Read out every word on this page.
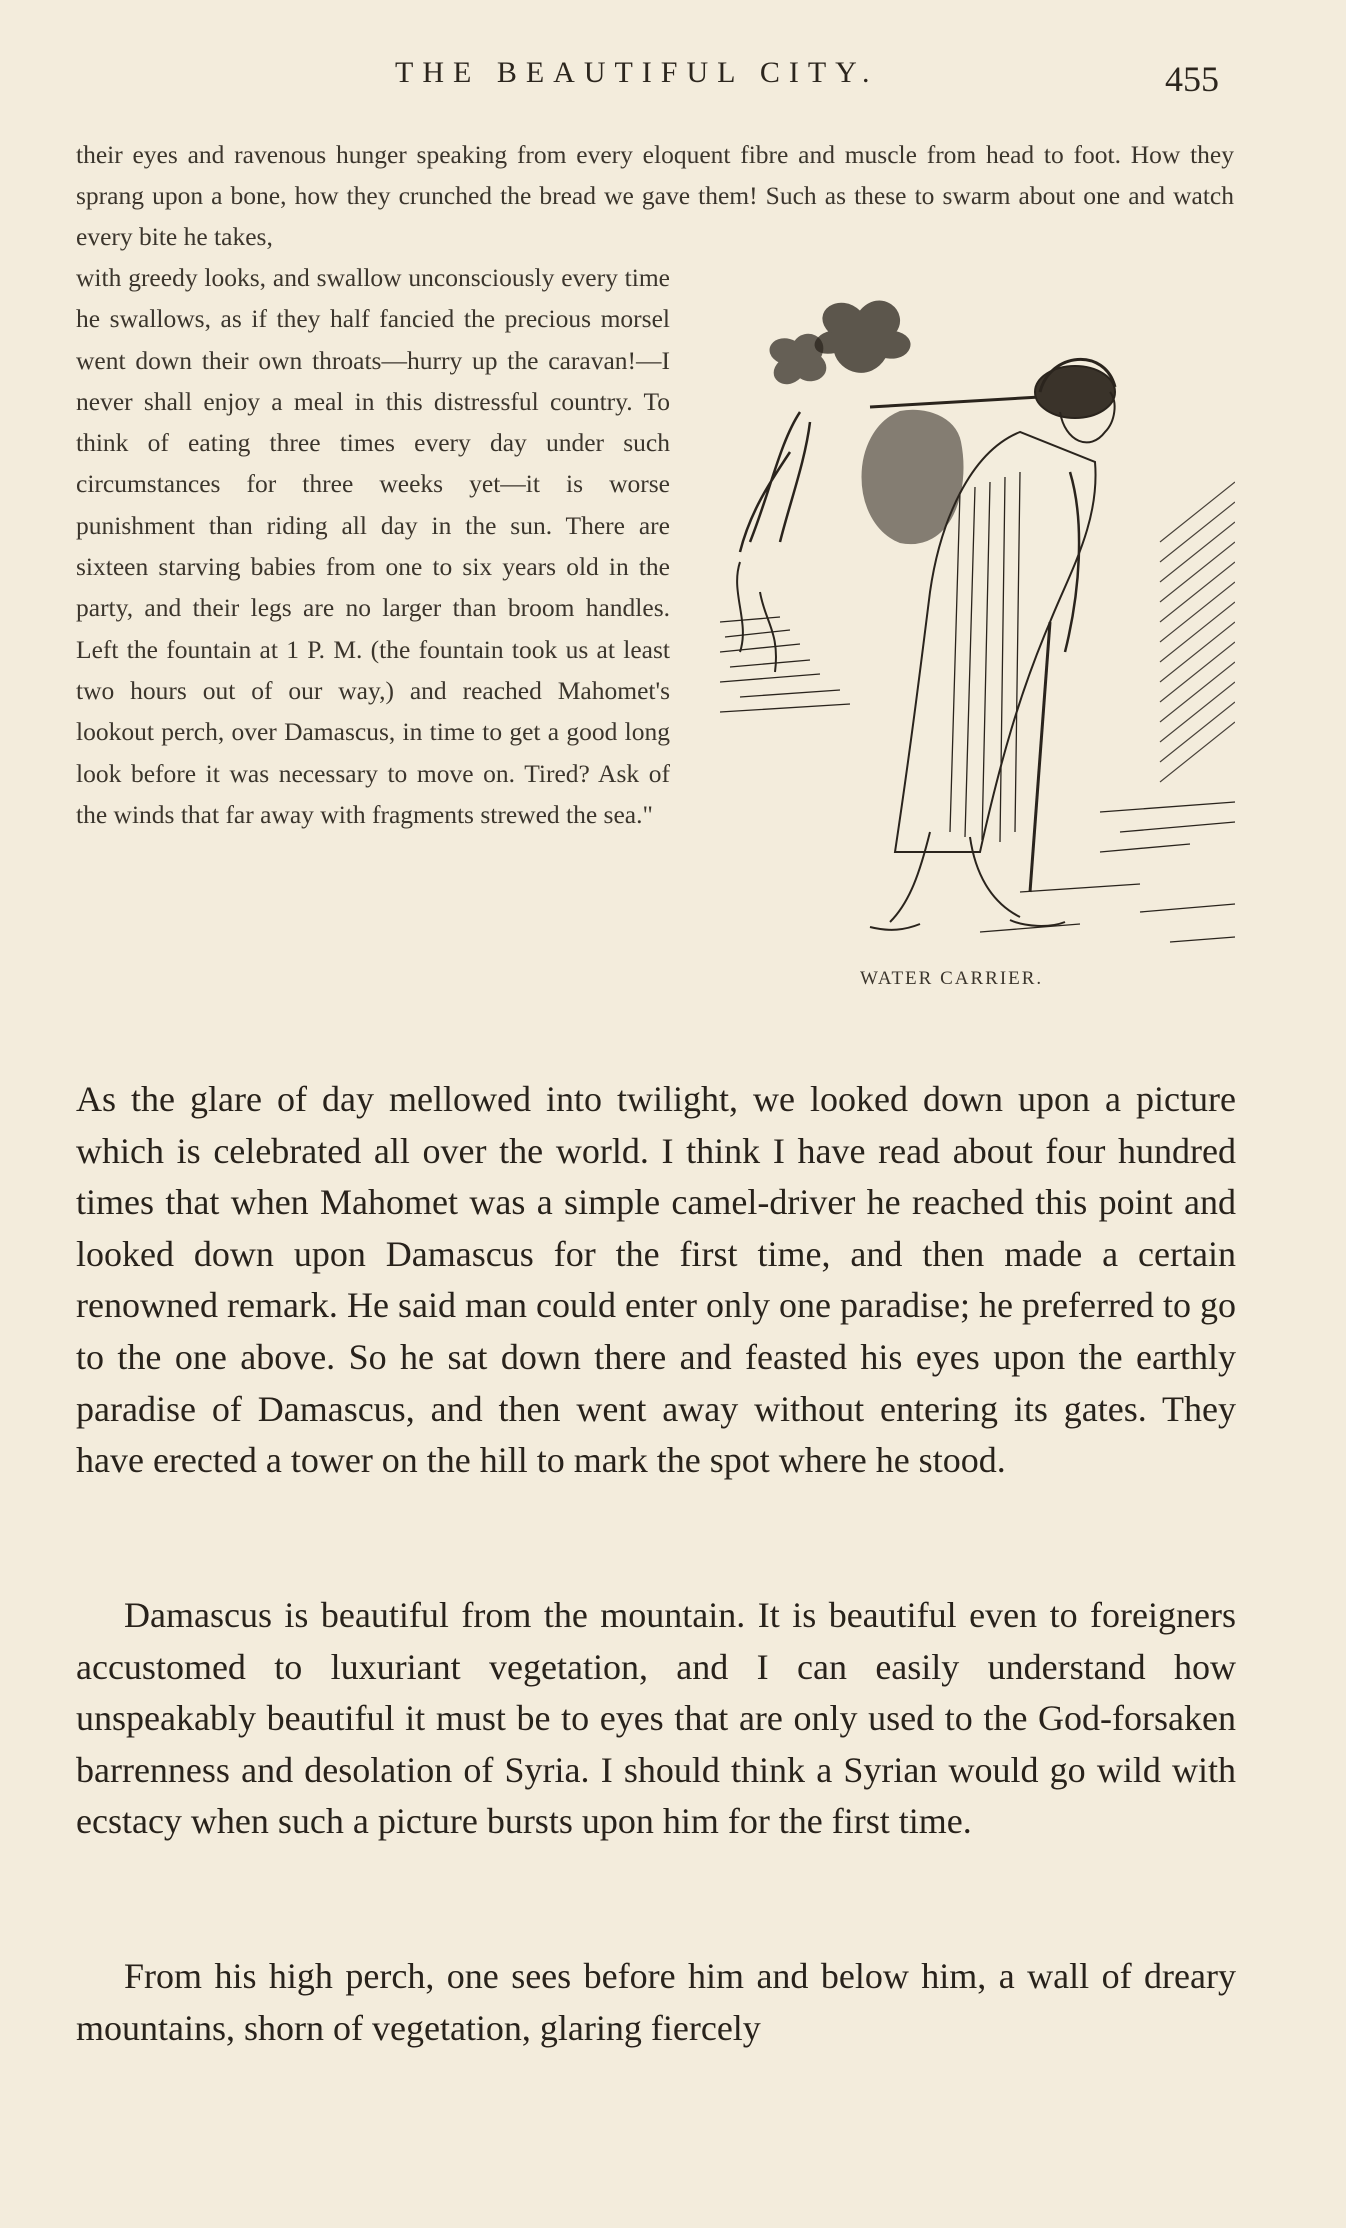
THE BEAUTIFUL CITY.	455

their eyes and ravenous hunger speaking from every eloquent fibre and muscle from head to foot. How they sprang upon a bone, how they crunched the bread we gave them! Such as these to swarm about one and watch every bite he takes,

with greedy looks, and swallow unconsciously every time he swallows, as if they half fancied the precious morsel went down their own throats—hurry up the caravan!—I never shall enjoy a meal in this distressful country. To think of eating three times every day under such circumstances for three weeks yet—it is worse punishment than riding all day in the sun. There are sixteen starving babies from one to six years old in the party, and their legs are no larger than broom handles. Left the fountain at 1 P. M. (the fountain took us at least two hours out of our way,) and reached Mahomet's lookout perch, over Damascus, in time to get a good long look before it was necessary to move on. Tired? Ask of the winds that far away with fragments strewed the sea."

WATER CARRIER.

As the glare of day mellowed into twilight, we looked down upon a picture which is celebrated all over the world. I think I have read about four hundred times that when Mahomet was a simple camel-driver he reached this point and looked down upon Damascus for the first time, and then made a certain renowned remark. He said man could enter only one paradise; he preferred to go to the one above. So he sat down there and feasted his eyes upon the earthly paradise of Damascus, and then went away without entering its gates. They have erected a tower on the hill to mark the spot where he stood.

Damascus is beautiful from the mountain. It is beautiful even to foreigners accustomed to luxuriant vegetation, and I can easily understand how unspeakably beautiful it must be to eyes that are only used to the God-forsaken barrenness and desolation of Syria. I should think a Syrian would go wild with ecstacy when such a picture bursts upon him for the first time.

From his high perch, one sees before him and below him, a wall of dreary mountains, shorn of vegetation, glaring fiercely
